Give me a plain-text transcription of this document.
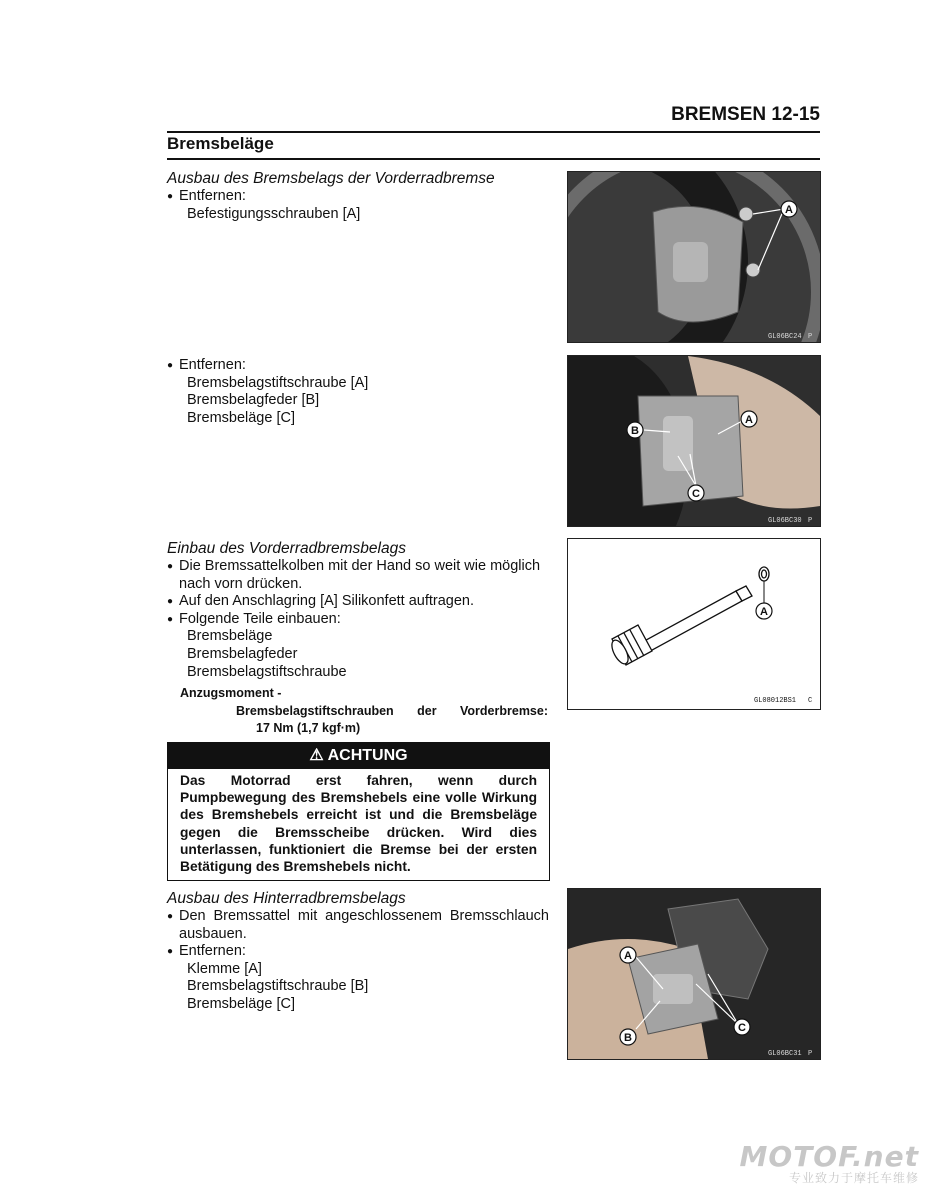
BREMSEN 12-15
Bremsbeläge
Ausbau des Bremsbelags der Vorderradbremse
● Entfernen:
Befestigungsschrauben [A]	A
GL06BC24 P
● Entfernen:
Bremsbelagstiftschraube [A]
Bremsbelagfeder [B]
Bremsbeläge [C]	A
B
C
GL06BC30 P
Einbau des Vorderradbremsbelags
● Die Bremssattelkolben mit der Hand so weit wie möglich nach vorn drücken.
● Auf den Anschlagring [A] Silikonfett auftragen.
● Folgende Teile einbauen:
Bremsbeläge
Bremsbelagfeder
Bremsbelagstiftschraube
Anzugsmoment -
Bremsbelagstiftschrauben der Vorderbremse:
17 Nm (1,7 kgf·m)
A
GL08012BS1 C
⚠ ACHTUNG
Das Motorrad erst fahren, wenn durch Pumpbewegung des Bremshebels eine volle Wirkung des Bremshebels erreicht ist und die Bremsbeläge gegen die Bremsscheibe drücken. Wird dies unterlassen, funktioniert die Bremse bei der ersten Betätigung des Bremshebels nicht.
Ausbau des Hinterradbremsbelags
● Den Bremssattel mit angeschlossenem Bremsschlauch ausbauen.
● Entfernen:
Klemme [A]
Bremsbelagstiftschraube [B]
Bremsbeläge [C]
A
B
C
GL06BC31 P
MOTOF.net
专业致力于摩托车维修
